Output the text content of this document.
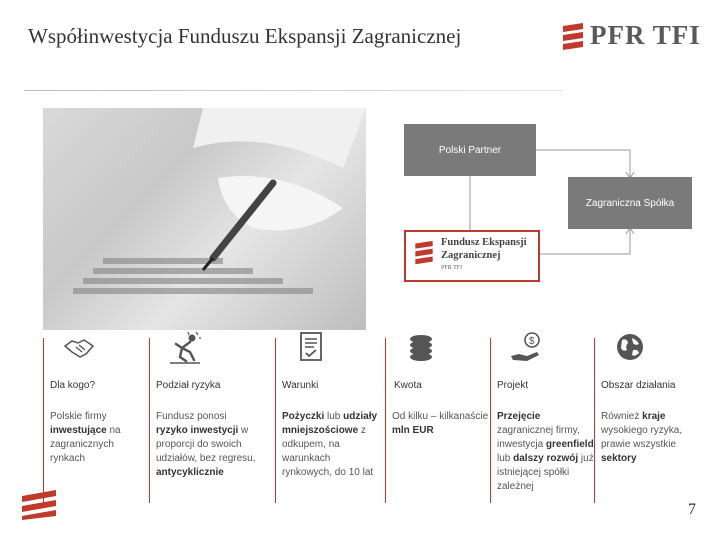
Współinwestycja Funduszu Ekspansji Zagranicznej	PFR TFI
Polski Partner
Zagraniczna Spółka
Fundusz Ekspansji
Zagranicznej
PFR TFI
Dla kogo?
Polskie firmy inwestujące na zagranicznych rynkach
Podział ryzyka
Fundusz ponosi ryzyko inwestycji w proporcji do swoich udziałów, bez regresu, antycyklicznie
Warunki
Pożyczki lub udziały mniejszościowe z odkupem, na warunkach rynkowych, do 10 lat
Kwota
Od kilku – kilkanaście mln EUR
$
Projekt
Przejęcie zagranicznej firmy, inwestycja greenfield lub dalszy rozwój już istniejącej spółki zależnej
Obszar działania
Również kraje wysokiego ryzyka, prawie wszystkie sektory
7
